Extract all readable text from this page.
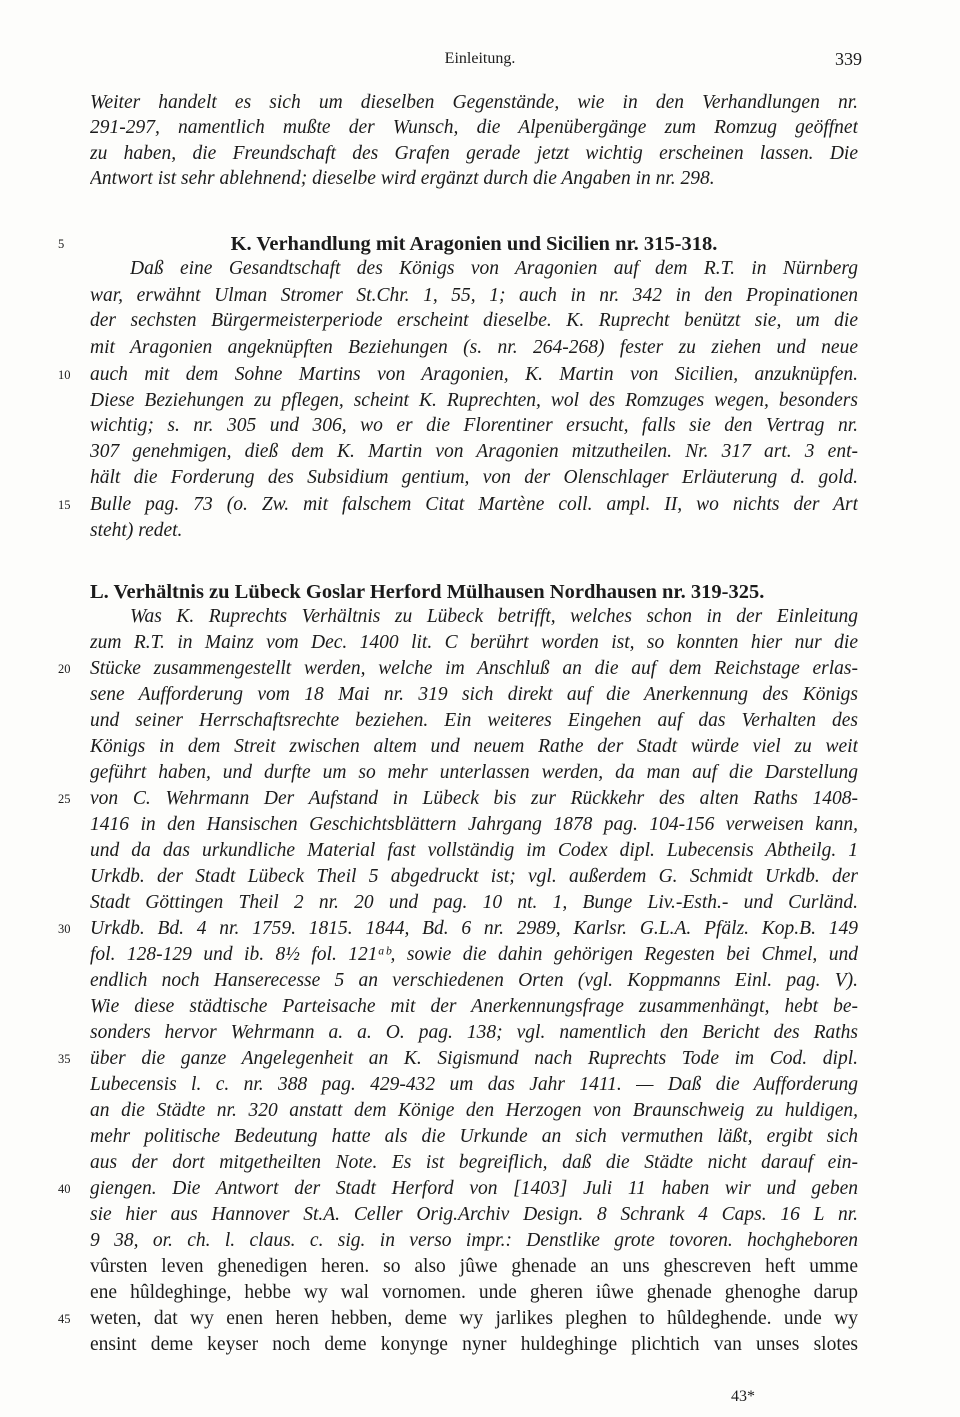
Einleitung.	339
Weiter handelt es sich um dieselben Gegenstände, wie in den Verhandlungen nr.
291-297, namentlich mußte der Wunsch, die Alpenübergänge zum Romzug geöffnet
zu haben, die Freundschaft des Grafen gerade jetzt wichtig erscheinen lassen. Die
Antwort ist sehr ablehnend; dieselbe wird ergänzt durch die Angaben in nr. 298.
K. Verhandlung mit Aragonien und Sicilien nr. 315-318.
5
Daß eine Gesandtschaft des Königs von Aragonien auf dem R.T. in Nürnberg
war, erwähnt Ulman Stromer St.Chr. 1, 55, 1; auch in nr. 342 in den Propinationen
der sechsten Bürgermeisterperiode erscheint dieselbe. K. Ruprecht benützt sie, um die
mit Aragonien angeknüpften Beziehungen (s. nr. 264-268) fester zu ziehen und neue
auch mit dem Sohne Martins von Aragonien, K. Martin von Sicilien, anzuknüpfen.
10
Diese Beziehungen zu pflegen, scheint K. Ruprechten, wol des Romzuges wegen, besonders
wichtig; s. nr. 305 und 306, wo er die Florentiner ersucht, falls sie den Vertrag nr.
307 genehmigen, dieß dem K. Martin von Aragonien mitzutheilen. Nr. 317 art. 3 ent-
hält die Forderung des Subsidium gentium, von der Olenschlager Erläuterung d. gold.
Bulle pag. 73 (o. Zw. mit falschem Citat Martène coll. ampl. II, wo nichts der Art
15
steht) redet.
L. Verhältnis zu Lübeck Goslar Herford Mülhausen Nordhausen nr. 319-325.
Was K. Ruprechts Verhältnis zu Lübeck betrifft, welches schon in der Einleitung
zum R.T. in Mainz vom Dec. 1400 lit. C berührt worden ist, so konnten hier nur die
Stücke zusammengestellt werden, welche im Anschluß an die auf dem Reichstage erlas-
20
sene Aufforderung vom 18 Mai nr. 319 sich direkt auf die Anerkennung des Königs
und seiner Herrschaftsrechte beziehen. Ein weiteres Eingehen auf das Verhalten des
Königs in dem Streit zwischen altem und neuem Rathe der Stadt würde viel zu weit
geführt haben, und durfte um so mehr unterlassen werden, da man auf die Darstellung
von C. Wehrmann Der Aufstand in Lübeck bis zur Rückkehr des alten Raths 1408-
25
1416 in den Hansischen Geschichtsblättern Jahrgang 1878 pag. 104-156 verweisen kann,
und da das urkundliche Material fast vollständig im Codex dipl. Lubecensis Abtheilg. 1
Urkdb. der Stadt Lübeck Theil 5 abgedruckt ist; vgl. außerdem G. Schmidt Urkdb. der
Stadt Göttingen Theil 2 nr. 20 und pag. 10 nt. 1, Bunge Liv.-Esth.- und Curländ.
Urkdb. Bd. 4 nr. 1759. 1815. 1844, Bd. 6 nr. 2989, Karlsr. G.L.A. Pfälz. Kop.B. 149
30
fol. 128-129 und ib. 8½ fol. 121ᵃᵇ, sowie die dahin gehörigen Regesten bei Chmel, und
endlich noch Hanserecesse 5 an verschiedenen Orten (vgl. Koppmanns Einl. pag. V).
Wie diese städtische Parteisache mit der Anerkennungsfrage zusammenhängt, hebt be-
sonders hervor Wehrmann a. a. O. pag. 138; vgl. namentlich den Bericht des Raths
über die ganze Angelegenheit an K. Sigismund nach Ruprechts Tode im Cod. dipl.
35
Lubecensis l. c. nr. 388 pag. 429-432 um das Jahr 1411. — Daß die Aufforderung
an die Städte nr. 320 anstatt dem Könige den Herzogen von Braunschweig zu huldigen,
mehr politische Bedeutung hatte als die Urkunde an sich vermuthen läßt, ergibt sich
aus der dort mitgetheilten Note. Es ist begreiflich, daß die Städte nicht darauf ein-
giengen. Die Antwort der Stadt Herford von [1403] Juli 11 haben wir und geben
40
sie hier aus Hannover St.A. Celler Orig.Archiv Design. 8 Schrank 4 Caps. 16 L nr.
9 38, or. ch. l. claus. c. sig. in verso impr.: Denstlike grote tovoren. hochgheboren
vûrsten leven ghenedigen heren. so also jûwe ghenade an uns ghescreven heft umme
ene hûldeghinge, hebbe wy wal vornomen. unde gheren iûwe ghenade ghenoghe darup
weten, dat wy enen heren hebben, deme wy jarlikes pleghen to hûldeghende. unde wy
45
ensint deme keyser noch deme konynge nyner huldeghinge plichtich van unses slotes
43*
